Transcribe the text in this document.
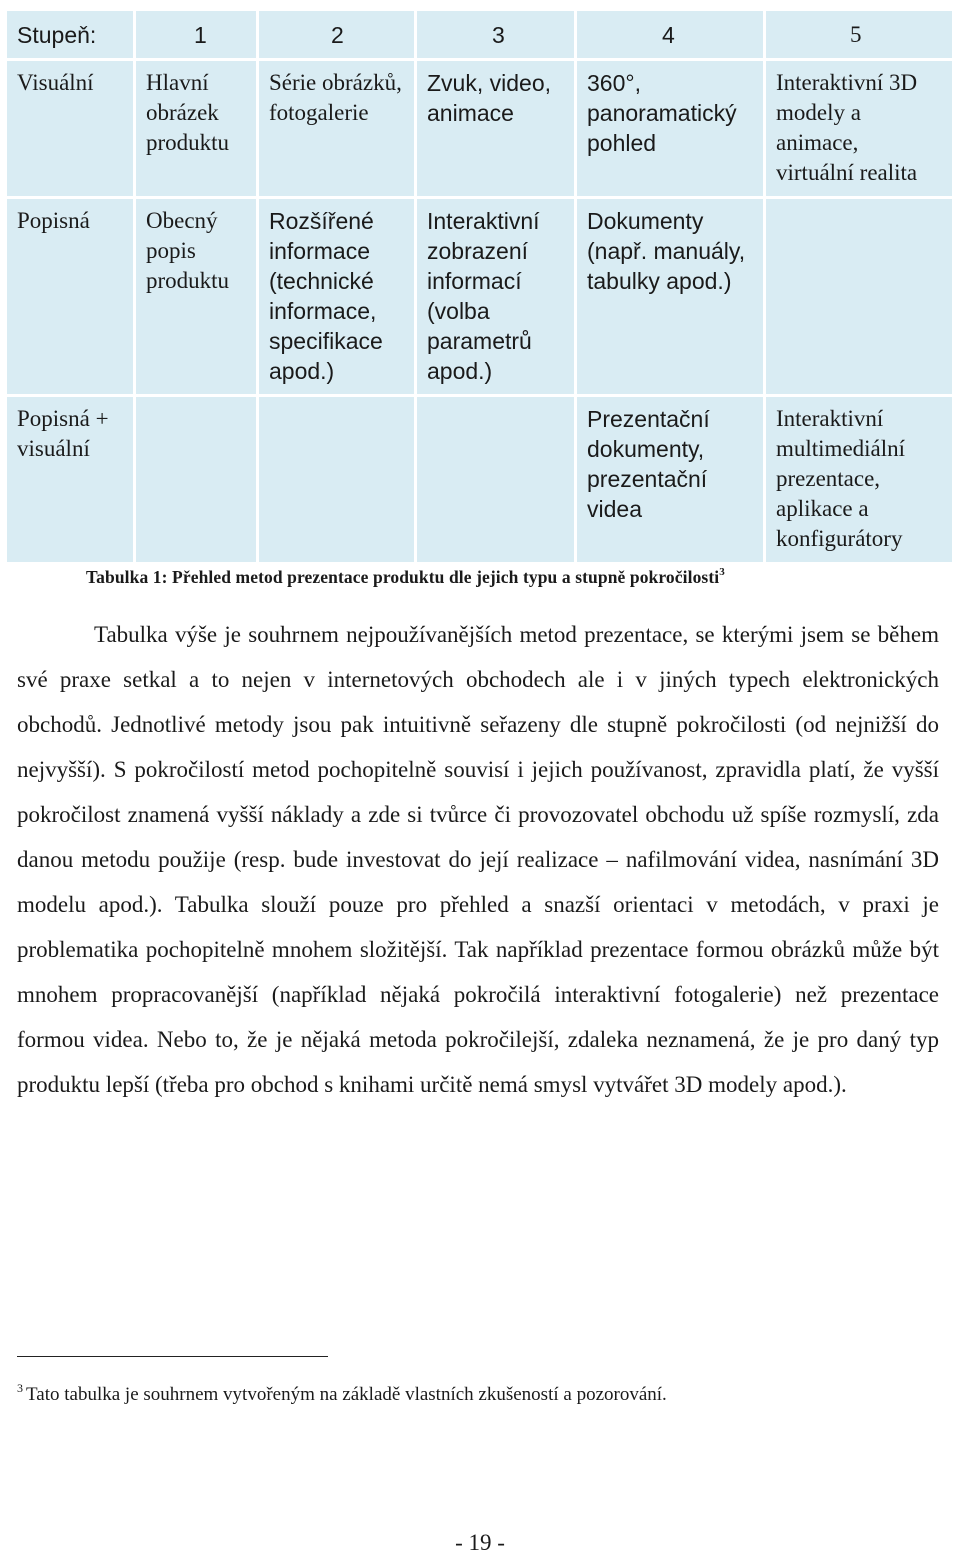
Stupeň:	1	2	3	4	5
Visuální	Hlavní obrázek produktu	Série obrázků, fotogalerie	Zvuk, video, animace	360°, panoramatický pohled	Interaktivní 3D modely a animace, virtuální realita
Popisná	Obecný popis produktu	Rozšířené informace (technické informace, specifikace apod.)	Interaktivní zobrazení informací (volba parametrů apod.)	Dokumenty (např. manuály, tabulky apod.)	
Popisná + visuální				Prezentační dokumenty, prezentační videa	Interaktivní multimediální prezentace, aplikace a konfigurátory
Tabulka 1: Přehled metod prezentace produktu dle jejich typu a stupně pokročilosti$^3$
Tabulka výše je souhrnem nejpoužívanějších metod prezentace, se kterými jsem se během své praxe setkal a to nejen v internetových obchodech ale i v jiných typech elektronických obchodů. Jednotlivé metody jsou pak intuitivně seřazeny dle stupně pokročilosti (od nejnižší do nejvyšší). S pokročilostí metod pochopitelně souvisí i jejich používanost, zpravidla platí, že vyšší pokročilost znamená vyšší náklady a zde si tvůrce či provozovatel obchodu už spíše rozmyslí, zda danou metodu použije (resp. bude investovat do její realizace – nafilmování videa, nasnímání 3D modelu apod.). Tabulka slouží pouze pro přehled a snazší orientaci v metodách, v praxi je problematika pochopitelně mnohem složitější. Tak například prezentace formou obrázků může být mnohem propracovanější (například nějaká pokročilá interaktivní fotogalerie) než prezentace formou videa. Nebo to, že je nějaká metoda pokročilejší, zdaleka neznamená, že je pro daný typ produktu lepší (třeba pro obchod s knihami určitě nemá smysl vytvářet 3D modely apod.).
$^3$ Tato tabulka je souhrnem vytvořeným na základě vlastních zkušeností a pozorování.
- 19 -
